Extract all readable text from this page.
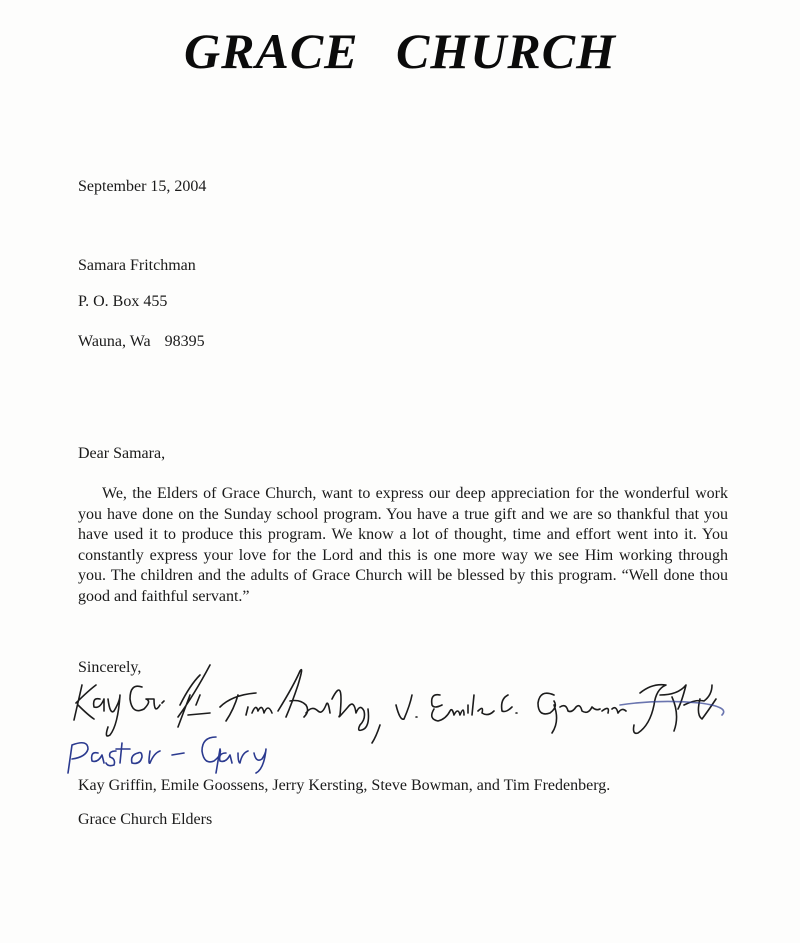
GRACE CHURCH

September 15, 2004

Samara Fritchman

P. O. Box 455

Wauna, Wa 98395

Dear Samara,

We, the Elders of Grace Church, want to express our deep appreciation for the wonderful work you have done on the Sunday school program. You have a true gift and we are so thankful that you have used it to produce this program. We know a lot of thought, time and effort went into it. You constantly express your love for the Lord and this is one more way we see Him working through you. The children and the adults of Grace Church will be blessed by this program. “Well done thou good and faithful servant.”

Sincerely,

Kay Griffin, Emile Goossens, Jerry Kersting, Steve Bowman, and Tim Fredenberg.

Grace Church Elders
